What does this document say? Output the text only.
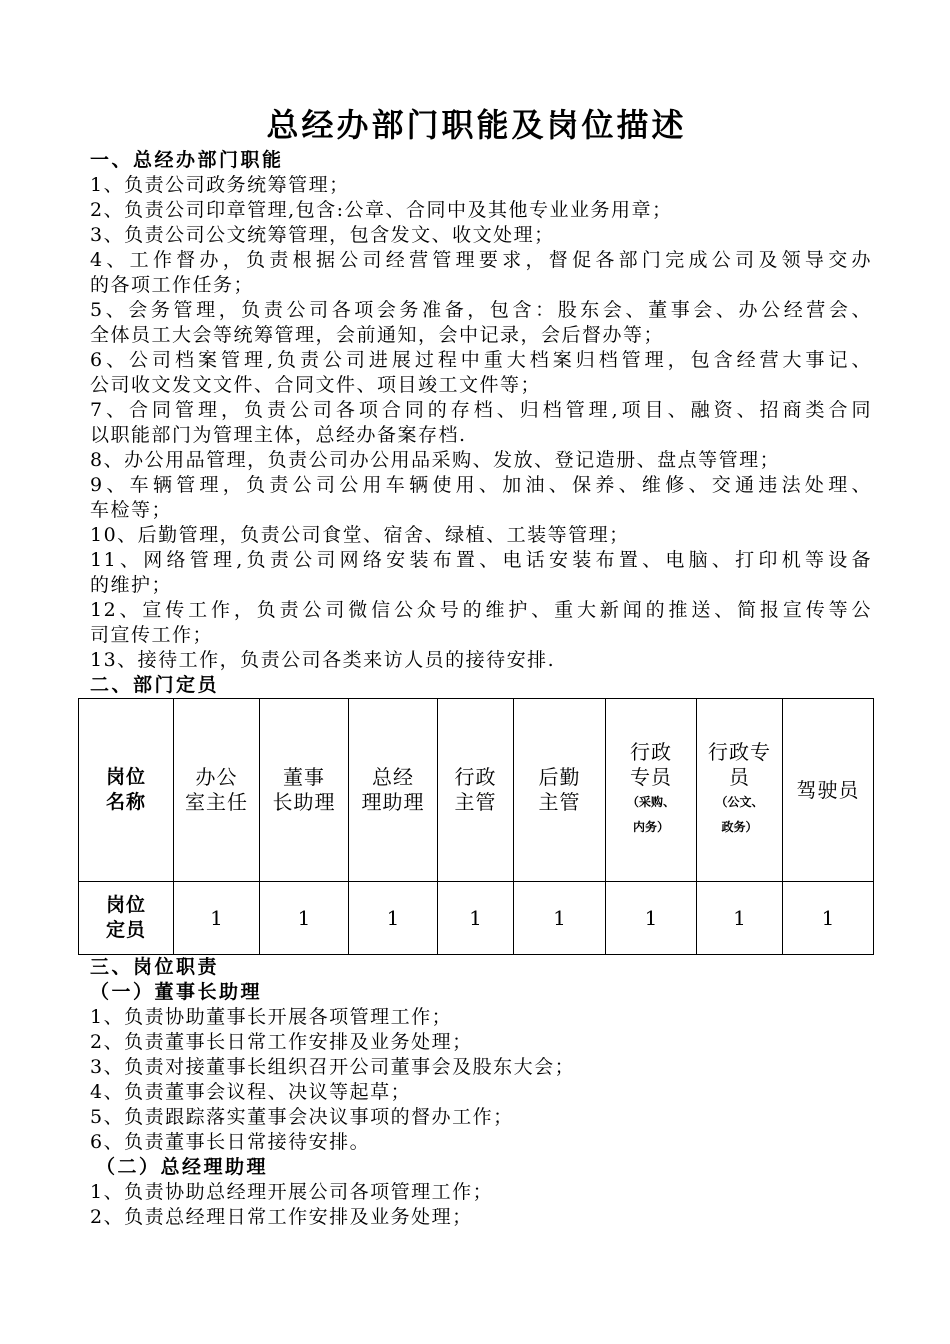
总经办部门职能及岗位描述
一、总经办部门职能
1、负责公司政务统筹管理；
2、负责公司印章管理,包含:公章、合同中及其他专业业务用章；
3、负责公司公文统筹管理，包含发文、收文处理；
4、工作督办，负责根据公司经营管理要求，督促各部门完成公司及领导交办
的各项工作任务；
5、会务管理，负责公司各项会务准备，包含：股东会、董事会、办公经营会、
全体员工大会等统筹管理，会前通知，会中记录，会后督办等；
6、公司档案管理,负责公司进展过程中重大档案归档管理，包含经营大事记、
公司收文发文文件、合同文件、项目竣工文件等；
7、合同管理，负责公司各项合同的存档、归档管理,项目、融资、招商类合同
以职能部门为管理主体，总经办备案存档.
8、办公用品管理，负责公司办公用品采购、发放、登记造册、盘点等管理；
9、车辆管理，负责公司公用车辆使用、加油、保养、维修、交通违法处理、
车检等；
10、后勤管理，负责公司食堂、宿舍、绿植、工装等管理；
11、网络管理,负责公司网络安装布置、电话安装布置、电脑、打印机等设备
的维护；
12、宣传工作，负责公司微信公众号的维护、重大新闻的推送、简报宣传等公
司宣传工作；
13、接待工作，负责公司各类来访人员的接待安排.
二、部门定员
岗位
名称	办公
室主任	董事
长助理	总经
理助理	行政
主管	后勤
主管	行政
专员
（采购、
内务）	行政专
员
（公文、
政务）	驾驶员

岗位
定员	1	1	1	1	1	1	1	1
三、岗位职责
（一）董事长助理
1、负责协助董事长开展各项管理工作；
2、负责董事长日常工作安排及业务处理；
3、负责对接董事长组织召开公司董事会及股东大会；
4、负责董事会议程、决议等起草；
5、负责跟踪落实董事会决议事项的督办工作；
6、负责董事长日常接待安排。
（二）总经理助理
1、负责协助总经理开展公司各项管理工作；
2、负责总经理日常工作安排及业务处理；
